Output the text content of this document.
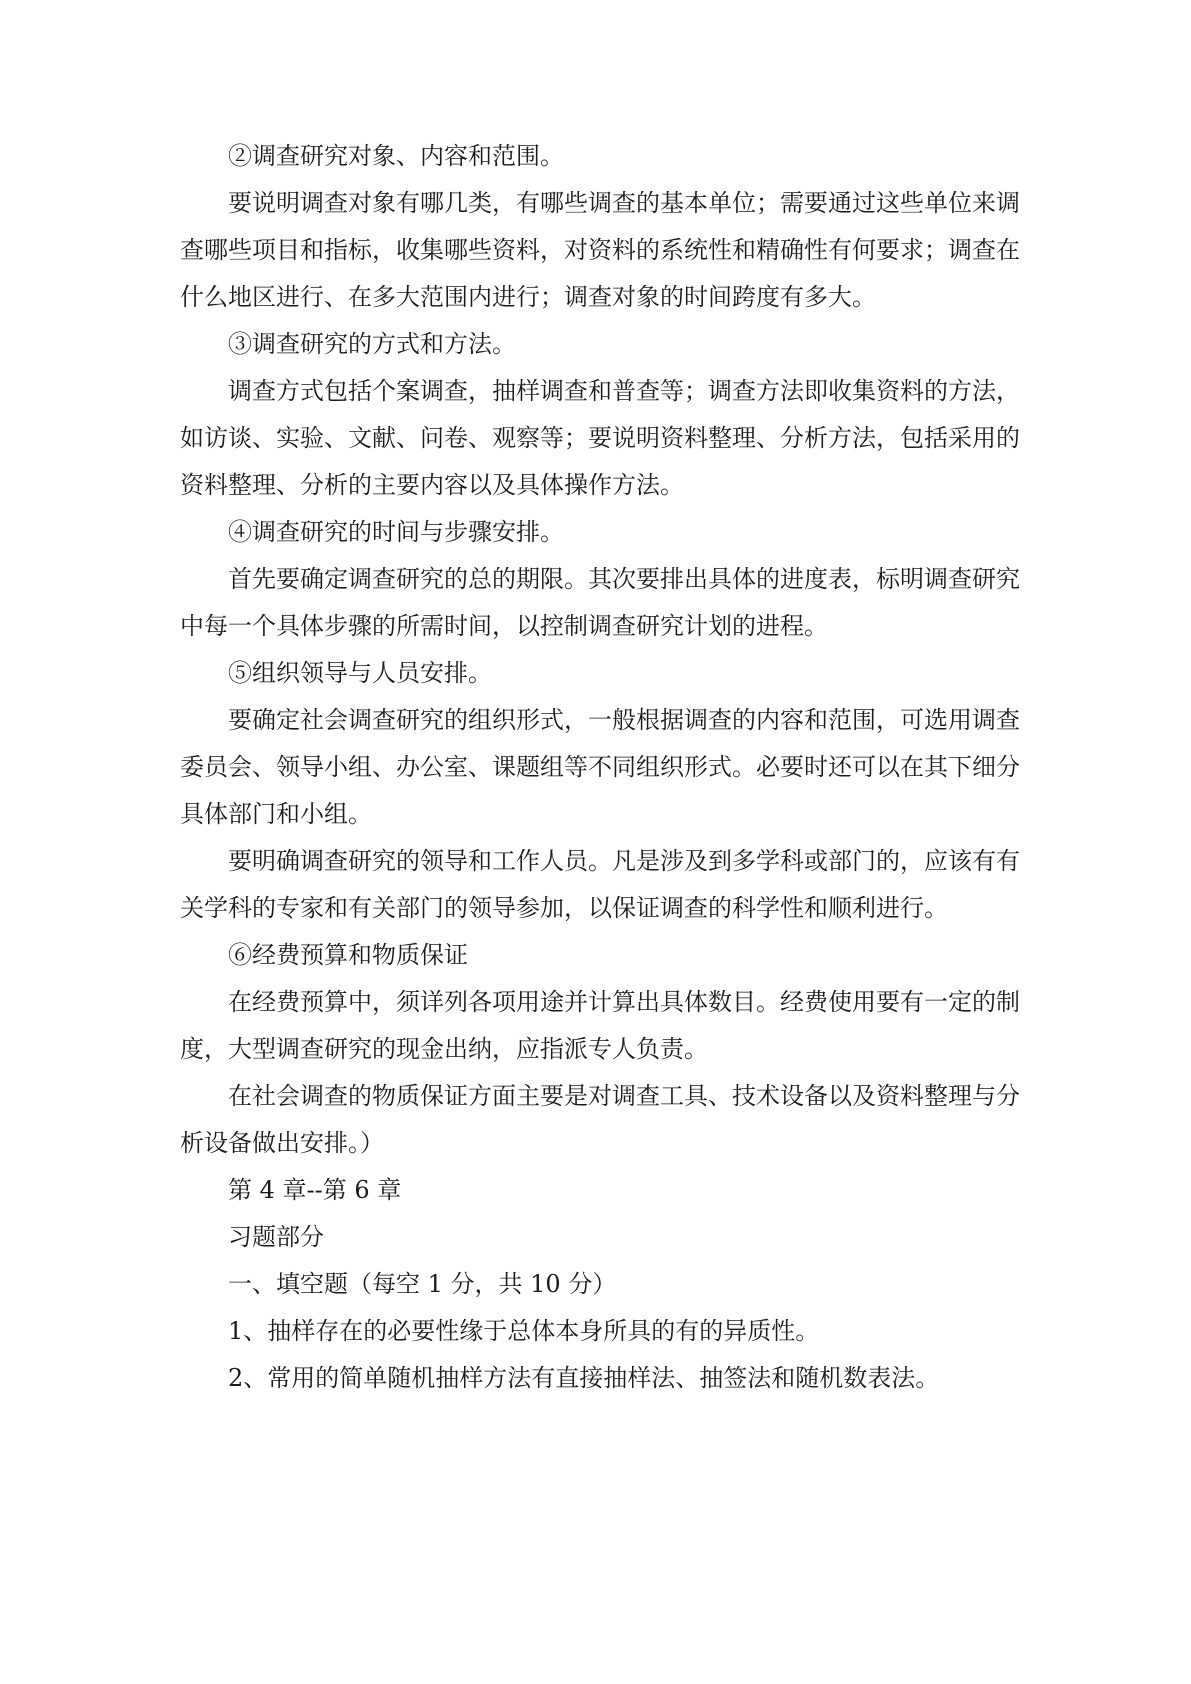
②调查研究对象、内容和范围。

要说明调查对象有哪几类，有哪些调查的基本单位；需要通过这些单位来调查哪些项目和指标，收集哪些资料，对资料的系统性和精确性有何要求；调查在什么地区进行、在多大范围内进行；调查对象的时间跨度有多大。

③调查研究的方式和方法。

调查方式包括个案调查，抽样调查和普查等；调查方法即收集资料的方法，如访谈、实验、文献、问卷、观察等；要说明资料整理、分析方法，包括采用的资料整理、分析的主要内容以及具体操作方法。

④调查研究的时间与步骤安排。

首先要确定调查研究的总的期限。其次要排出具体的进度表，标明调查研究中每一个具体步骤的所需时间，以控制调查研究计划的进程。

⑤组织领导与人员安排。

要确定社会调查研究的组织形式，一般根据调查的内容和范围，可选用调查委员会、领导小组、办公室、课题组等不同组织形式。必要时还可以在其下细分具体部门和小组。

要明确调查研究的领导和工作人员。凡是涉及到多学科或部门的，应该有有关学科的专家和有关部门的领导参加，以保证调查的科学性和顺利进行。

⑥经费预算和物质保证

在经费预算中，须详列各项用途并计算出具体数目。经费使用要有一定的制度，大型调查研究的现金出纳，应指派专人负责。

在社会调查的物质保证方面主要是对调查工具、技术设备以及资料整理与分析设备做出安排。）

第 4 章--第 6 章

习题部分

一、填空题（每空 1 分，共 10 分）

1、抽样存在的必要性缘于总体本身所具的有的异质性。

2、常用的简单随机抽样方法有直接抽样法、抽签法和随机数表法。
